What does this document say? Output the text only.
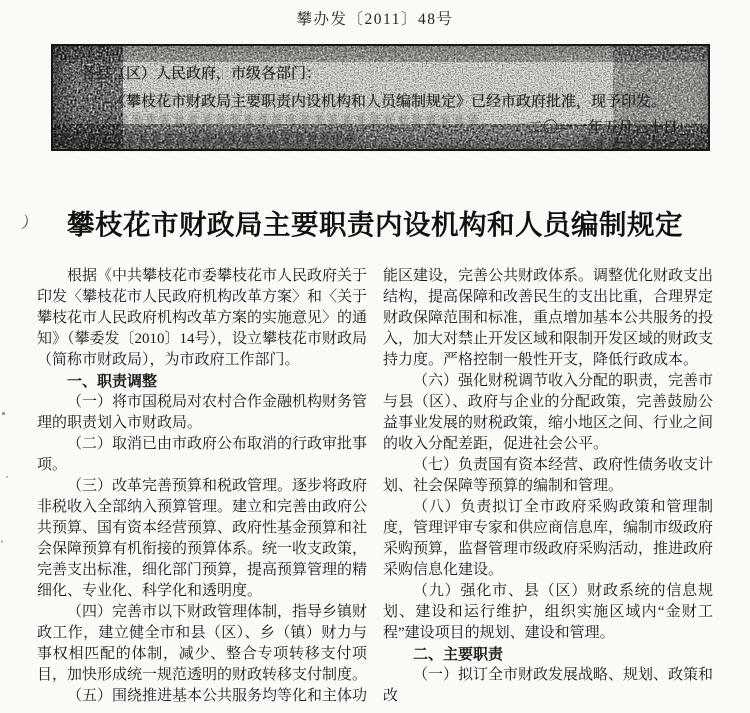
攀办发〔2011〕48号
各县（区）人民政府，市级各部门：
《攀枝花市财政局主要职责内设机构和人员编制规定》已经市政府批准，现予印发。
二〇一一年五月三十日
）	攀枝花市财政局主要职责内设机构和人员编制规定

根据《中共攀枝花市委攀枝花市人民政府关于印发〈攀枝花市人民政府机构改革方案〉和〈关于攀枝花市人民政府机构改革方案的实施意见〉的通知》（攀委发〔2010〕14号），设立攀枝花市财政局（简称市财政局），为市政府工作部门。

一、职责调整

（一）将市国税局对农村合作金融机构财务管理的职责划入市财政局。

（二）取消已由市政府公布取消的行政审批事项。

（三）改革完善预算和税政管理。逐步将政府非税收入全部纳入预算管理。建立和完善由政府公共预算、国有资本经营预算、政府性基金预算和社会保障预算有机衔接的预算体系。统一收支政策，完善支出标准，细化部门预算，提高预算管理的精细化、专业化、科学化和透明度。

（四）完善市以下财政管理体制，指导乡镇财政工作，建立健全市和县（区）、乡（镇）财力与事权相匹配的体制，减少、整合专项转移支付项目，加快形成统一规范透明的财政转移支付制度。

（五）围绕推进基本公共服务均等化和主体功

能区建设，完善公共财政体系。调整优化财政支出结构，提高保障和改善民生的支出比重，合理界定财政保障范围和标准，重点增加基本公共服务的投入，加大对禁止开发区域和限制开发区域的财政支持力度。严格控制一般性开支，降低行政成本。

（六）强化财税调节收入分配的职责，完善市与县（区）、政府与企业的分配政策，完善鼓励公益事业发展的财税政策，缩小地区之间、行业之间的收入分配差距，促进社会公平。

（七）负责国有资本经营、政府性债务收支计划、社会保障等预算的编制和管理。

（八）负责拟订全市政府采购政策和管理制度，管理评审专家和供应商信息库，编制市级政府采购预算，监督管理市级政府采购活动，推进政府采购信息化建设。

（九）强化市、县（区）财政系统的信息规划、建设和运行维护，组织实施区域内“金财工程”建设项目的规划、建设和管理。

二、主要职责

（一）拟订全市财政发展战略、规划、政策和改
